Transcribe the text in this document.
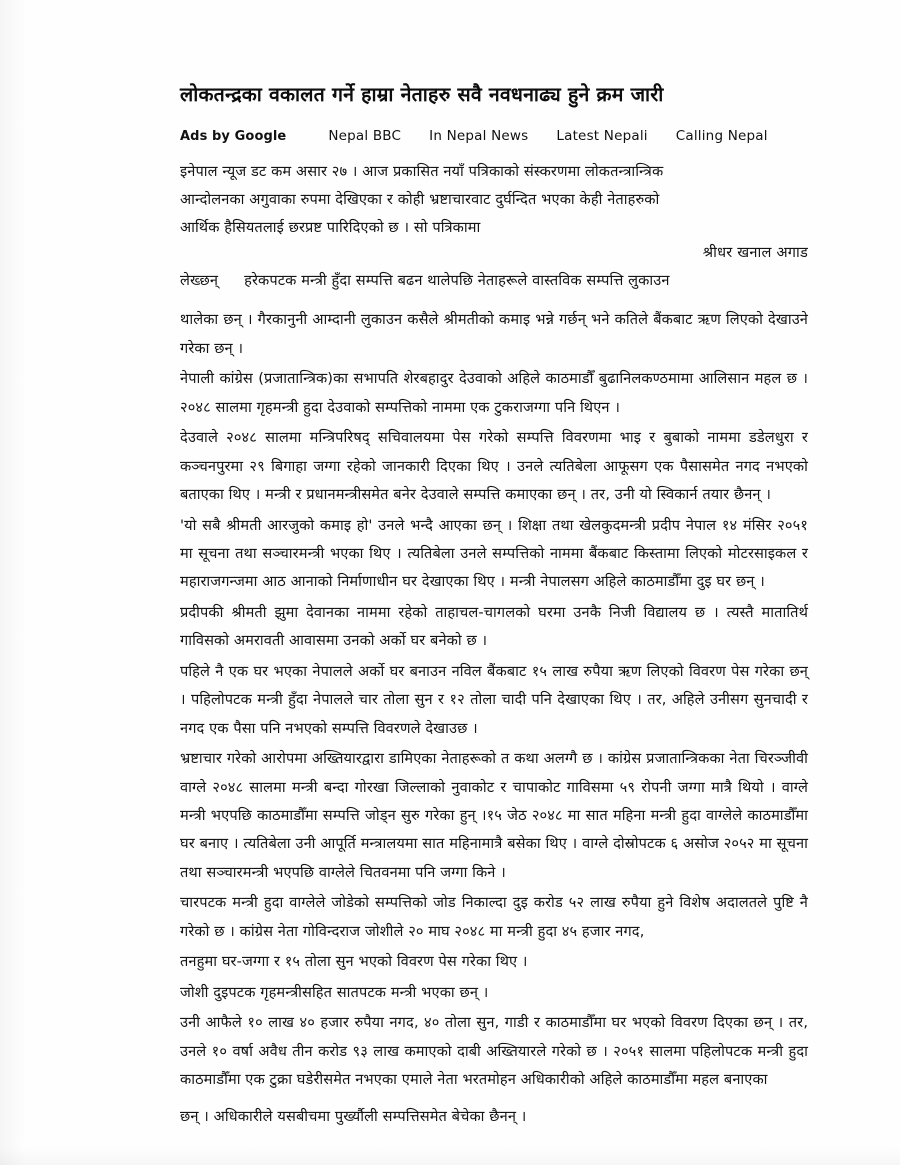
लोकतन्द्रका वकालत गर्ने हाम्रा नेताहरु सवै नवधनाढ्य हुने क्रम जारी
Ads by Google	Nepal BBC	In Nepal News	Latest Nepali	Calling Nepal
इनेपाल न्यूज डट कम असार २७ । आज प्रकासित नयाँ पत्रिकाको संस्करणमा लोकतन्त्रान्त्रिक
आन्दोलनका अगुवाका रुपमा देखिएका र कोही भ्रष्टाचारवाट दुर्घन्दित भएका केही नेताहरुको
आर्थिक हैसियतलाई छरप्रष्ट पारिदिएको छ । सो पत्रिकामा
श्रीधर खनाल अगाड
लेख्छन् हरेकपटक मन्त्री हुँदा सम्पत्ति बढन थालेपछि नेताहरूले वास्तविक सम्पत्ति लुकाउन

थालेका छन् । गैरकानुनी आम्दानी लुकाउन कसैले श्रीमतीको कमाइ भन्ने गर्छन् भने कतिले बैंकबाट ऋण लिएको देखाउने गरेका छन् ।

नेपाली कांग्रेस (प्रजातान्त्रिक)का सभापति शेरबहादुर देउवाको अहिले काठमाडौँ बुढानिलकण्ठमामा आलिसान महल छ । २०४८ सालमा गृहमन्त्री हुदा देउवाको सम्पत्तिको नाममा एक टुकराजग्गा पनि थिएन ।

देउवाले २०४८ सालमा मन्त्रिपरिषद् सचिवालयमा पेस गरेको सम्पत्ति विवरणमा भाइ र बुबाको नाममा डडेलधुरा र कञ्चनपुरमा २९ बिगाहा जग्गा रहेको जानकारी दिएका थिए । उनले त्यतिबेला आफूसग एक पैसासमेत नगद नभएको बताएका थिए । मन्त्री र प्रधानमन्त्रीसमेत बनेर देउवाले सम्पत्ति कमाएका छन् । तर‚ उनी यो स्विकार्न तयार छैनन् ।

'यो सबै श्रीमती आरजुको कमाइ हो' उनले भन्दै आएका छन् । शिक्षा तथा खेलकुदमन्त्री प्रदीप नेपाल १४ मंसिर २०५१ मा सूचना तथा सञ्चारमन्त्री भएका थिए । त्यतिबेला उनले सम्पत्तिको नाममा बैंकबाट किस्तामा लिएको मोटरसाइकल र महाराजगन्जमा आठ आनाको निर्माणाधीन घर देखाएका थिए । मन्त्री नेपालसग अहिले काठमाडौँमा दुइ घर छन् ।

प्रदीपकी श्रीमती झुमा देवानका नाममा रहेको ताहाचल-चागलको घरमा उनकै निजी विद्यालय छ । त्यस्तै मातातिर्थ गाविसको अमरावती आवासमा उनको अर्को घर बनेको छ ।

पहिले नै एक घर भएका नेपालले अर्को घर बनाउन नविल बैंकबाट १५ लाख रुपैया ऋण लिएको विवरण पेस गरेका छन् । पहिलोपटक मन्त्री हुँदा नेपालले चार तोला सुन र १२ तोला चादी पनि देखाएका थिए । तर‚ अहिले उनीसग सुनचादी र नगद एक पैसा पनि नभएको सम्पत्ति विवरणले देखाउछ ।

भ्रष्टाचार गरेको आरोपमा अख्तियारद्वारा डामिएका नेताहरूको त कथा अलग्गै छ । कांग्रेस प्रजातान्त्रिकका नेता चिरञ्जीवी वाग्ले २०४८ सालमा मन्त्री बन्दा गोरखा जिल्लाको नुवाकोट र चापाकोट गाविसमा ५९ रोपनी जग्गा मात्रै थियो । वाग्ले मन्त्री भएपछि काठमाडौँमा सम्पत्ति जोड्न सुरु गरेका हुन् ।१५ जेठ २०४८ मा सात महिना मन्त्री हुदा वाग्लेले काठमाडौँमा घर बनाए । त्यतिबेला उनी आपूर्ति मन्त्रालयमा सात महिनामात्रै बसेका थिए । वाग्ले दोस्रोपटक ६ असोज २०५२ मा सूचना तथा सञ्चारमन्त्री भएपछि वाग्लेले चितवनमा पनि जग्गा किने ।

चारपटक मन्त्री हुदा वाग्लेले जोडेको सम्पत्तिको जोड निकाल्दा दुइ करोड ५२ लाख रुपैया हुने विशेष अदालतले पुष्टि नै गरेको छ । कांग्रेस नेता गोविन्दराज जोशीले २० माघ २०४८ मा मन्त्री हुदा ४५ हजार नगद‚

तनहुमा घर-जग्गा र १५ तोला सुन भएको विवरण पेस गरेका थिए ।

जोशी दुइपटक गृहमन्त्रीसहित सातपटक मन्त्री भएका छन् ।

उनी आफैले १० लाख ४० हजार रुपैया नगद‚ ४० तोला सुन‚ गाडी र काठमाडौँमा घर भएको विवरण दिएका छन् । तर‚ उनले १० वर्षा अवैध तीन करोड ९३ लाख कमाएको दाबी अख्तियारले गरेको छ । २०५१ सालमा पहिलोपटक मन्त्री हुदा काठमाडौँमा एक टुक्रा घडेरीसमेत नभएका एमाले नेता भरतमोहन अधिकारीको अहिले काठमाडौँमा महल बनाएका

छन् । अधिकारीले यसबीचमा पुर्ख्यौली सम्पत्तिसमेत बेचेका छैनन् ।
